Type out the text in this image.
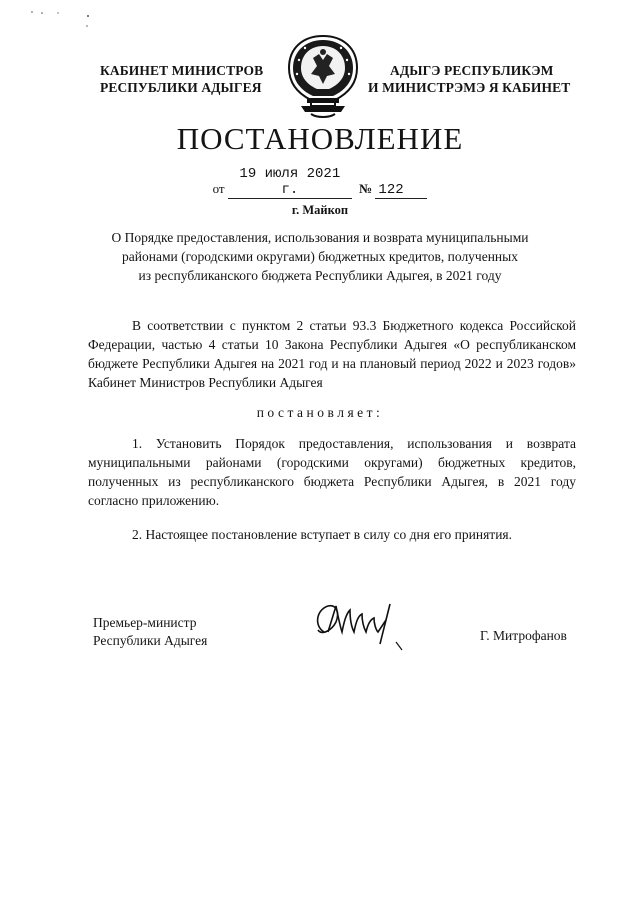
КАБИНЕТ МИНИСТРОВ
РЕСПУБЛИКИ АДЫГЕЯ
АДЫГЭ РЕСПУБЛИКЭМ
И МИНИСТРЭМЭ Я КАБИНЕТ
ПОСТАНОВЛЕНИЕ
от 19 июля 2021 г.	№ 122
г. Майкоп
О Порядке предоставления, использования и возврата муниципальными
районами (городскими округами) бюджетных кредитов, полученных
из республиканского бюджета Республики Адыгея, в 2021 году
В соответствии с пунктом 2 статьи 93.3 Бюджетного кодекса Российской Федерации, частью 4 статьи 10 Закона Республики Адыгея «О республиканском бюджете Республики Адыгея на 2021 год и на плановый период 2022 и 2023 годов» Кабинет Министров Республики Адыгея
постановляет:
1. Установить Порядок предоставления, использования и возврата муниципальными районами (городскими округами) бюджетных кредитов, полученных из республиканского бюджета Республики Адыгея, в 2021 году согласно приложению.
2. Настоящее постановление вступает в силу со дня его принятия.
Премьер-министр
Республики Адыгея	Г. Митрофанов
